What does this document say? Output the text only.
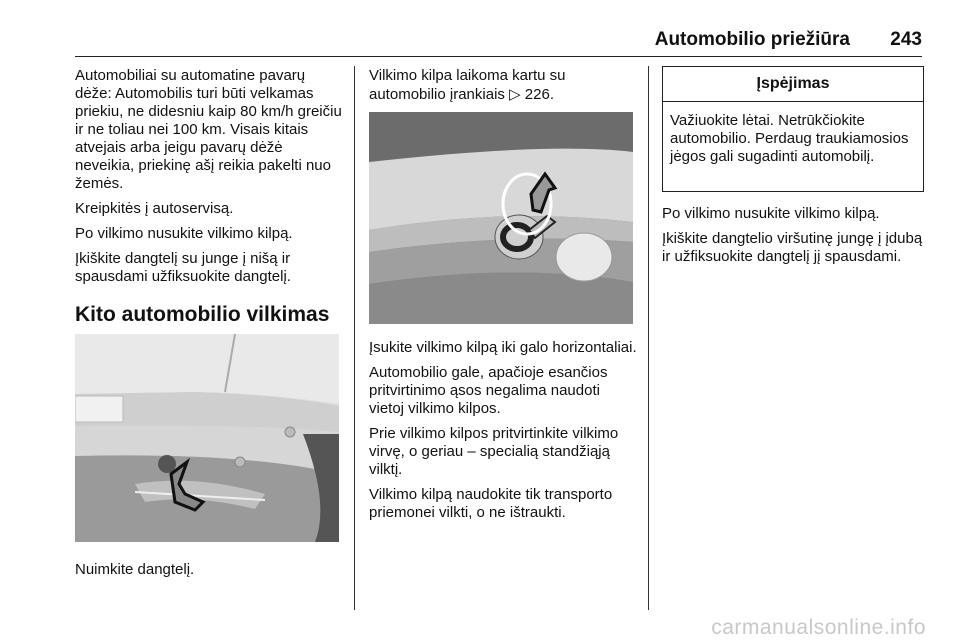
Automobilio priežiūra 243

Automobiliai su automatine pavarų dėže: Automobilis turi būti velkamas priekiu, ne didesniu kaip 80 km/h greičiu ir ne toliau nei 100 km. Visais kitais atvejais arba jeigu pavarų dėžė neveikia, priekinę ašį reikia pakelti nuo žemės.

Kreipkitės į autoservisą.

Po vilkimo nusukite vilkimo kilpą.

Įkiškite dangtelį su junge į nišą ir spausdami užfiksuokite dangtelį.

Kito automobilio vilkimas
Nuimkite dangtelį.

Vilkimo kilpa laikoma kartu su automobilio įrankiais ▷ 226.

Įsukite vilkimo kilpą iki galo horizontaliai.

Automobilio gale, apačioje esančios pritvirtinimo ąsos negalima naudoti vietoj vilkimo kilpos.

Prie vilkimo kilpos pritvirtinkite vilkimo virvę, o geriau – specialią standžiąją vilktį.

Vilkimo kilpą naudokite tik transporto priemonei vilkti, o ne ištraukti.

Įspėjimas
Važiuokite lėtai. Netrūkčiokite automobilio. Perdaug traukiamosios jėgos gali sugadinti automobilį.

Po vilkimo nusukite vilkimo kilpą.

Įkiškite dangtelio viršutinę jungę į įdubą ir užfiksuokite dangtelį jį spausdami.

carmanualsonline.info
